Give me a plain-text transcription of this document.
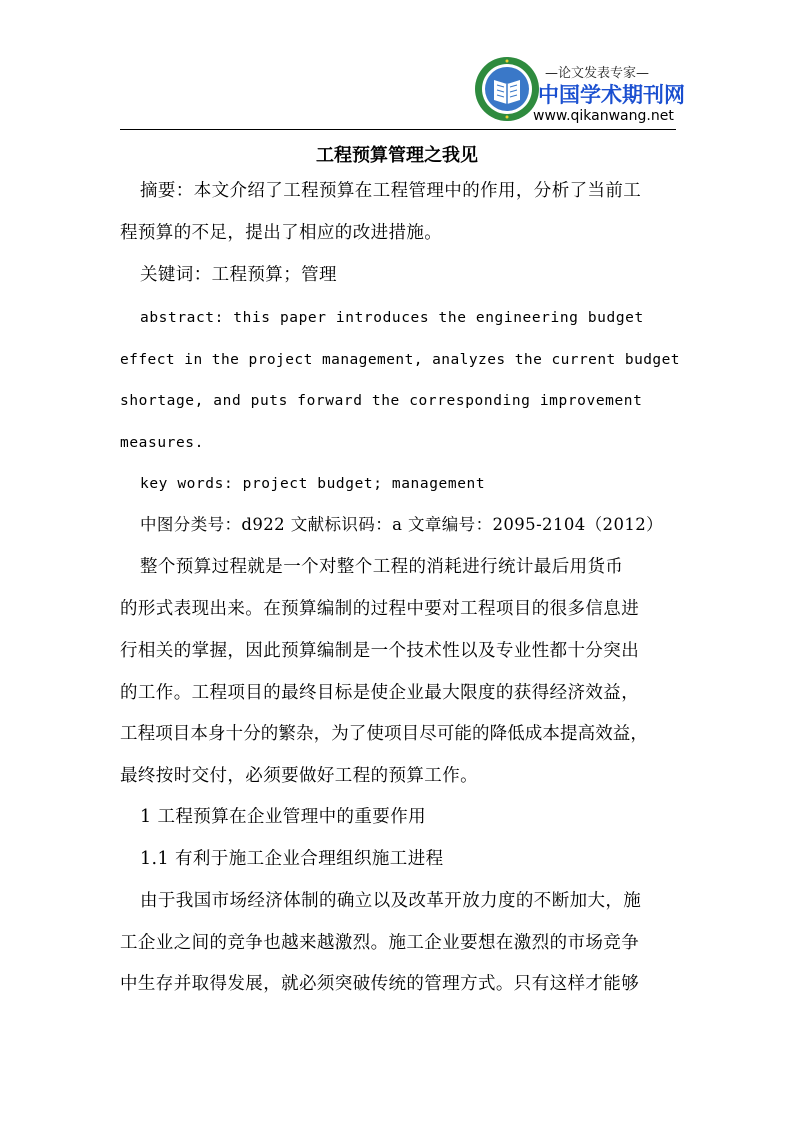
—论文发表专家—
中国学术期刊网
www.qikanwang.net
工程预算管理之我见
摘要：本文介绍了工程预算在工程管理中的作用，分析了当前工
程预算的不足，提出了相应的改进措施。
关键词：工程预算；管理
abstract: this paper introduces the engineering budget
effect in the project management, analyzes the current budget
shortage, and puts forward the corresponding improvement
measures.
key words: project budget; management
中图分类号：d922 文献标识码：a 文章编号：2095-2104（2012）
整个预算过程就是一个对整个工程的消耗进行统计最后用货币
的形式表现出来。在预算编制的过程中要对工程项目的很多信息进
行相关的掌握，因此预算编制是一个技术性以及专业性都十分突出
的工作。工程项目的最终目标是使企业最大限度的获得经济效益，
工程项目本身十分的繁杂，为了使项目尽可能的降低成本提高效益，
最终按时交付，必须要做好工程的预算工作。
1 工程预算在企业管理中的重要作用
1.1 有利于施工企业合理组织施工进程
由于我国市场经济体制的确立以及改革开放力度的不断加大，施
工企业之间的竞争也越来越激烈。施工企业要想在激烈的市场竞争
中生存并取得发展，就必须突破传统的管理方式。只有这样才能够
